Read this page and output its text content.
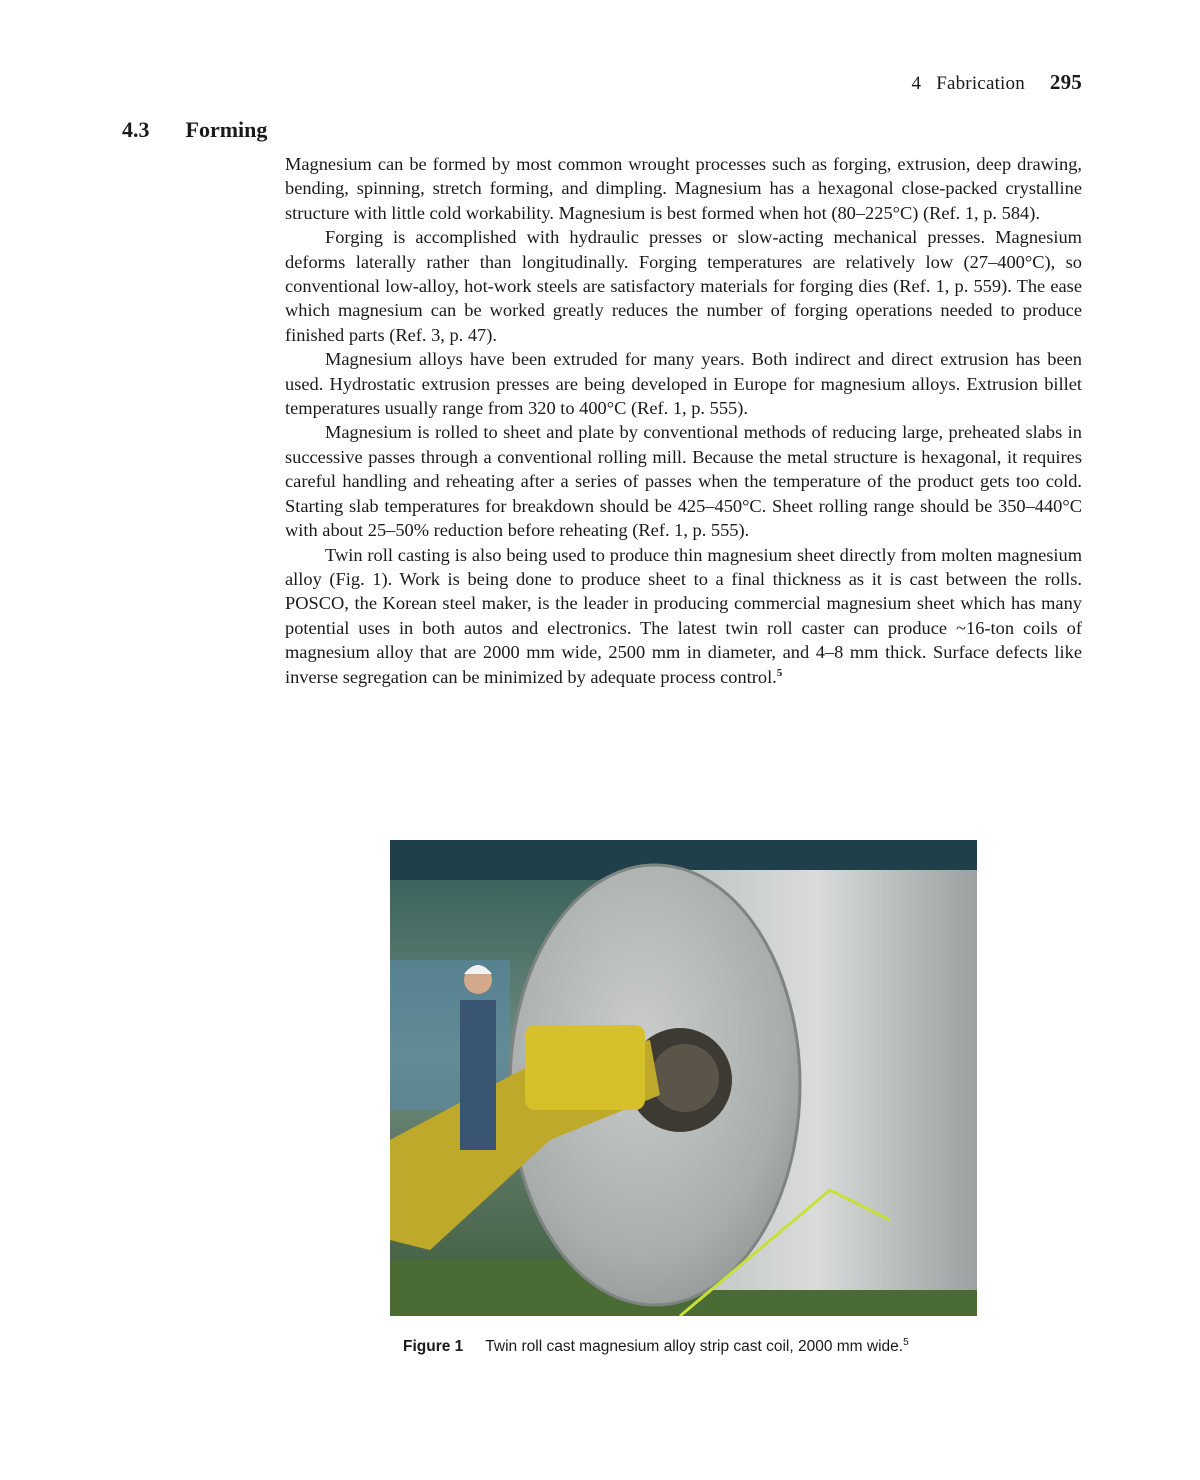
4 Fabrication 295
4.3 Forming

Magnesium can be formed by most common wrought processes such as forging, extrusion, deep drawing, bending, spinning, stretch forming, and dimpling. Magnesium has a hexagonal close-packed crystalline structure with little cold workability. Magnesium is best formed when hot (80–225°C) (Ref. 1, p. 584).

Forging is accomplished with hydraulic presses or slow-acting mechanical presses. Magnesium deforms laterally rather than longitudinally. Forging temperatures are relatively low (27–400°C), so conventional low-alloy, hot-work steels are satisfactory materials for forging dies (Ref. 1, p. 559). The ease which magnesium can be worked greatly reduces the number of forging operations needed to produce finished parts (Ref. 3, p. 47).

Magnesium alloys have been extruded for many years. Both indirect and direct extrusion has been used. Hydrostatic extrusion presses are being developed in Europe for magnesium alloys. Extrusion billet temperatures usually range from 320 to 400°C (Ref. 1, p. 555).

Magnesium is rolled to sheet and plate by conventional methods of reducing large, preheated slabs in successive passes through a conventional rolling mill. Because the metal structure is hexagonal, it requires careful handling and reheating after a series of passes when the temperature of the product gets too cold. Starting slab temperatures for breakdown should be 425–450°C. Sheet rolling range should be 350–440°C with about 25–50% reduction before reheating (Ref. 1, p. 555).

Twin roll casting is also being used to produce thin magnesium sheet directly from molten magnesium alloy (Fig. 1). Work is being done to produce sheet to a final thickness as it is cast between the rolls. POSCO, the Korean steel maker, is the leader in producing commercial magnesium sheet which has many potential uses in both autos and electronics. The latest twin roll caster can produce ~16-ton coils of magnesium alloy that are 2000 mm wide, 2500 mm in diameter, and 4–8 mm thick. Surface defects like inverse segregation can be minimized by adequate process control.$^5$

Figure 1 Twin roll cast magnesium alloy strip cast coil, 2000 mm wide.$^5$
